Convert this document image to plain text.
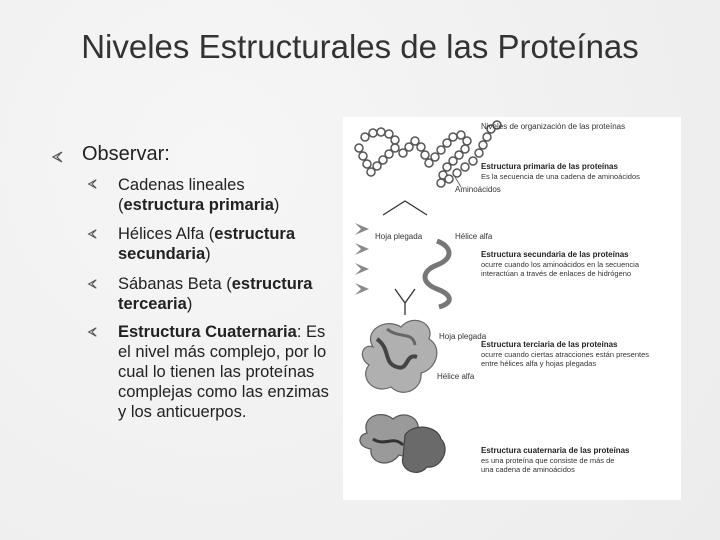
Niveles Estructurales de las Proteínas
Observar:
Cadenas lineales (estructura primaria)
Hélices Alfa (estructura secundaria)
Sábanas Beta (estructura tercearia)
Estructura Cuaternaria: Es el nivel más complejo, por lo cual lo tienen las proteínas complejas como las enzimas y los anticuerpos.
Aminoácidos
Niveles de organización de las proteínas
Estructura primaria de las proteínas
Es la secuencia de una cadena de aminoácidos
Hoja plegada	Hélice alfa
Estructura secundaria de las proteínas
ocurre cuando los aminoácidos en la secuencia
interactúan a través de enlaces de hidrógeno
Hoja plegada
Hélice alfa
Estructura terciaria de las proteínas
ocurre cuando ciertas atracciones están presentes
entre hélices alfa y hojas plegadas
Estructura cuaternaria de las proteínas
es una proteína que consiste de más de
una cadena de aminoácidos
